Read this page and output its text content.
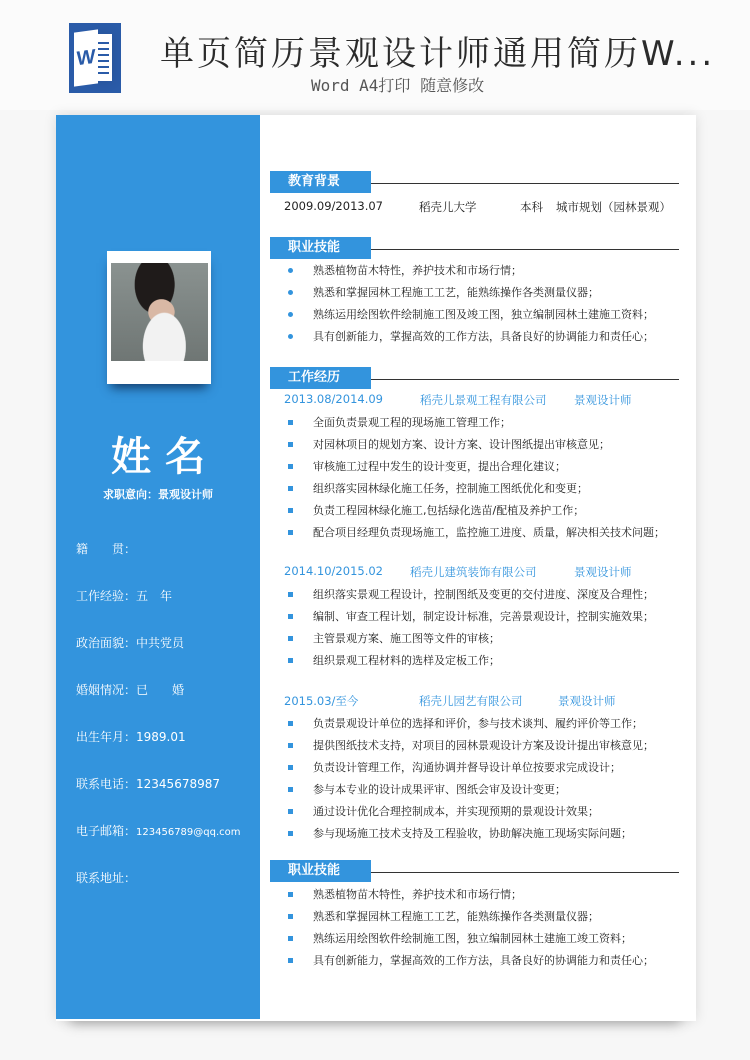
W 单页简历景观设计师通用简历W...
Word A4打印 随意修改
姓名
求职意向：景观设计师
籍　　贯：
工作经验：五　年
政治面貌：中共党员
婚姻情况：已　　婚
出生年月：1989.01
联系电话：12345678987
电子邮箱：123456789@qq.com
联系地址：
教育背景
2009.09/2013.07	稻壳儿大学	本科 城市规划（园林景观）
职业技能
熟悉植物苗木特性，养护技术和市场行情；
熟悉和掌握园林工程施工工艺，能熟练操作各类测量仪器；
熟练运用绘图软件绘制施工图及竣工图，独立编制园林土建施工资料；
具有创新能力，掌握高效的工作方法，具备良好的协调能力和责任心；
工作经历
2013.08/2014.09	稻壳儿景观工程有限公司 景观设计师
全面负责景观工程的现场施工管理工作；
对园林项目的规划方案、设计方案、设计图纸提出审核意见；
审核施工过程中发生的设计变更，提出合理化建议；
组织落实园林绿化施工任务，控制施工图纸优化和变更；
负责工程园林绿化施工,包括绿化选苗/配植及养护工作；
配合项目经理负责现场施工，监控施工进度、质量，解决相关技术问题；
2014.10/2015.02 稻壳儿建筑装饰有限公司	景观设计师
组织落实景观工程设计，控制图纸及变更的交付进度、深度及合理性；
编制、审查工程计划，制定设计标准，完善景观设计，控制实施效果；
主管景观方案、施工图等文件的审核；
组织景观工程材料的选样及定板工作；
2015.03/至今	稻壳儿园艺有限公司	景观设计师
负责景观设计单位的选择和评价，参与技术谈判、履约评价等工作；
提供图纸技术支持，对项目的园林景观设计方案及设计提出审核意见；
负责设计管理工作，沟通协调并督导设计单位按要求完成设计；
参与本专业的设计成果评审、图纸会审及设计变更；
通过设计优化合理控制成本，并实现预期的景观设计效果；
参与现场施工技术支持及工程验收，协助解决施工现场实际问题；
职业技能
熟悉植物苗木特性，养护技术和市场行情；
熟悉和掌握园林工程施工工艺，能熟练操作各类测量仪器；
熟练运用绘图软件绘制施工图，独立编制园林土建施工竣工资料；
具有创新能力，掌握高效的工作方法，具备良好的协调能力和责任心；
